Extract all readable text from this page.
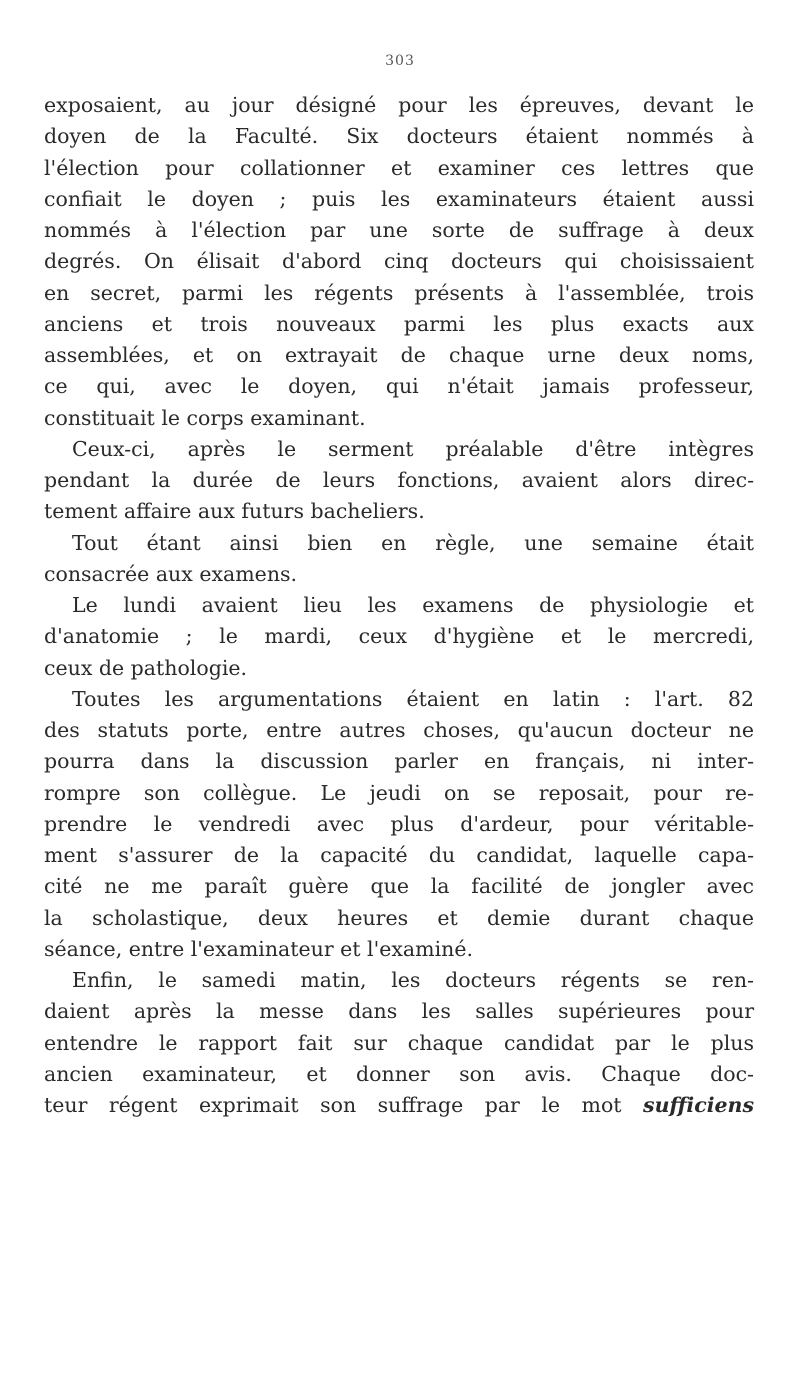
303
exposaient, au jour désigné pour les épreuves, devant le
doyen de la Faculté. Six docteurs étaient nommés à
l'élection pour collationner et examiner ces lettres que
confiait le doyen ; puis les examinateurs étaient aussi
nommés à l'élection par une sorte de suffrage à deux
degrés. On élisait d'abord cinq docteurs qui choisissaient
en secret, parmi les régents présents à l'assemblée, trois
anciens et trois nouveaux parmi les plus exacts aux
assemblées, et on extrayait de chaque urne deux noms,
ce qui, avec le doyen, qui n'était jamais professeur,
constituait le corps examinant.
Ceux-ci, après le serment préalable d'être intègres
pendant la durée de leurs fonctions, avaient alors direc-
tement affaire aux futurs bacheliers.
Tout étant ainsi bien en règle, une semaine était
consacrée aux examens.
Le lundi avaient lieu les examens de physiologie et
d'anatomie ; le mardi, ceux d'hygiène et le mercredi,
ceux de pathologie.
Toutes les argumentations étaient en latin : l'art. 82
des statuts porte, entre autres choses, qu'aucun docteur ne
pourra dans la discussion parler en français, ni inter-
rompre son collègue. Le jeudi on se reposait, pour re-
prendre le vendredi avec plus d'ardeur, pour véritable-
ment s'assurer de la capacité du candidat, laquelle capa-
cité ne me paraît guère que la facilité de jongler avec
la scholastique, deux heures et demie durant chaque
séance, entre l'examinateur et l'examiné.
Enfin, le samedi matin, les docteurs régents se ren-
daient après la messe dans les salles supérieures pour
entendre le rapport fait sur chaque candidat par le plus
ancien examinateur, et donner son avis. Chaque doc-
teur régent exprimait son suffrage par le mot sufficiens
